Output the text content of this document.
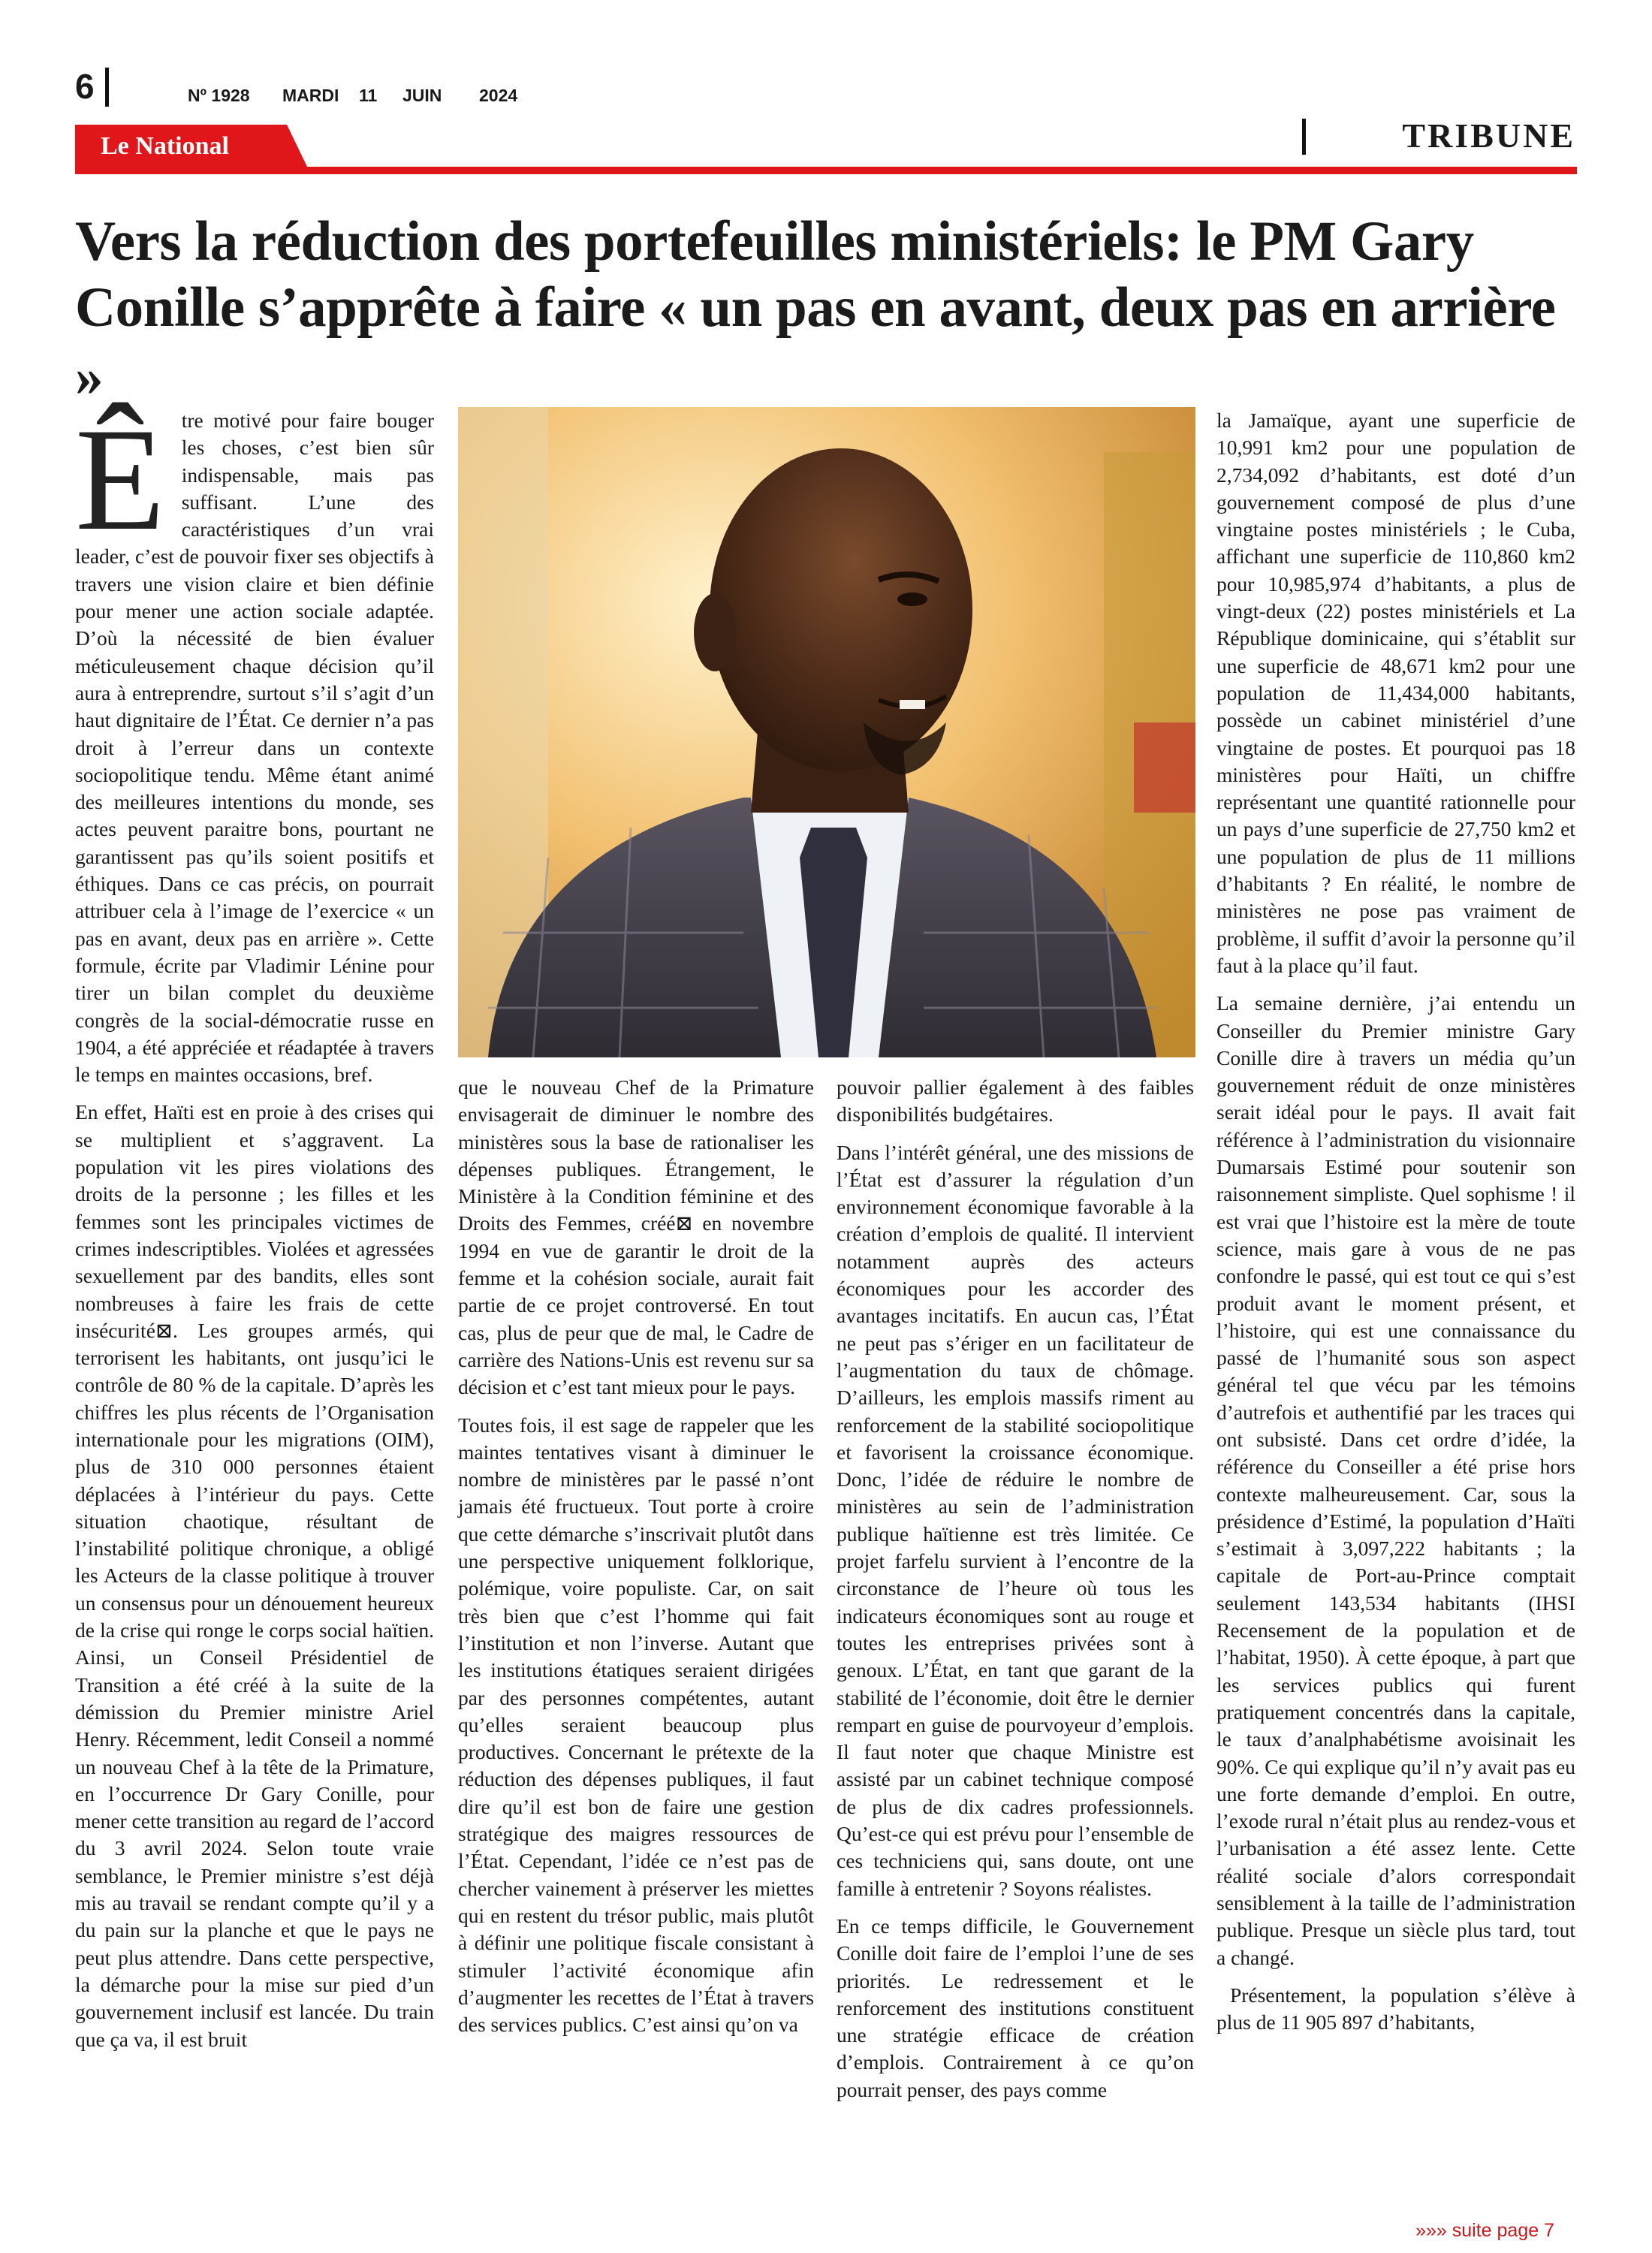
6	Nº 1928 MARDI 11 JUIN 2024
Le National	TRIBUNE
Vers la réduction des portefeuilles ministériels: le PM Gary Conille s’apprête à faire « un pas en avant, deux pas en arrière
»

Être motivé pour faire bouger les choses, c’est bien sûr indispensable, mais pas suffisant. L’une des caractéristiques d’un vrai leader, c’est de pouvoir fixer ses objectifs à travers une vision claire et bien définie pour mener une action sociale adaptée. D’où la nécessité de bien évaluer méticuleusement chaque décision qu’il aura à entreprendre, surtout s’il s’agit d’un haut dignitaire de l’État. Ce dernier n’a pas droit à l’erreur dans un contexte sociopolitique tendu. Même étant animé des meilleures intentions du monde, ses actes peuvent paraitre bons, pourtant ne garantissent pas qu’ils soient positifs et éthiques. Dans ce cas précis, on pourrait attribuer cela à l’image de l’exercice « un pas en avant, deux pas en arrière ». Cette formule, écrite par Vladimir Lénine pour tirer un bilan complet du deuxième congrès de la social-démocratie russe en 1904, a été appréciée et réadaptée à travers le temps en maintes occasions, bref.

En effet, Haïti est en proie à des crises qui se multiplient et s’aggravent. La population vit les pires violations des droits de la personne ; les filles et les femmes sont les principales victimes de crimes indescriptibles. Violées et agressées sexuellement par des bandits, elles sont nombreuses à faire les frais de cette insécurité⊠. Les groupes armés, qui terrorisent les habitants, ont jusqu’ici le contrôle de 80 % de la capitale. D’après les chiffres les plus récents de l’Organisation internationale pour les migrations (OIM), plus de 310 000 personnes étaient déplacées à l’intérieur du pays. Cette situation chaotique, résultant de l’instabilité politique chronique, a obligé les Acteurs de la classe politique à trouver un consensus pour un dénouement heureux de la crise qui ronge le corps social haïtien. Ainsi, un Conseil Présidentiel de Transition a été créé à la suite de la démission du Premier ministre Ariel Henry. Récemment, ledit Conseil a nommé un nouveau Chef à la tête de la Primature, en l’occurrence Dr Gary Conille, pour mener cette transition au regard de l’accord du 3 avril 2024. Selon toute vraie semblance, le Premier ministre s’est déjà mis au travail se rendant compte qu’il y a du pain sur la planche et que le pays ne peut plus attendre. Dans cette perspective, la démarche pour la mise sur pied d’un gouvernement inclusif est lancée. Du train que ça va, il est bruit

que le nouveau Chef de la Primature envisagerait de diminuer le nombre des ministères sous la base de rationaliser les dépenses publiques. Étrangement, le Ministère à la Condition féminine et des Droits des Femmes, créé⊠ en novembre 1994 en vue de garantir le droit de la femme et la cohésion sociale, aurait fait partie de ce projet controversé. En tout cas, plus de peur que de mal, le Cadre de carrière des Nations-Unis est revenu sur sa décision et c’est tant mieux pour le pays.

Toutes fois, il est sage de rappeler que les maintes tentatives visant à diminuer le nombre de ministères par le passé n’ont jamais été fructueux. Tout porte à croire que cette démarche s’inscrivait plutôt dans une perspective uniquement folklorique, polémique, voire populiste. Car, on sait très bien que c’est l’homme qui fait l’institution et non l’inverse. Autant que les institutions étatiques seraient dirigées par des personnes compétentes, autant qu’elles seraient beaucoup plus productives. Concernant le prétexte de la réduction des dépenses publiques, il faut dire qu’il est bon de faire une gestion stratégique des maigres ressources de l’État. Cependant, l’idée ce n’est pas de chercher vainement à préserver les miettes qui en restent du trésor public, mais plutôt à définir une politique fiscale consistant à stimuler l’activité économique afin d’augmenter les recettes de l’État à travers des services publics. C’est ainsi qu’on va

pouvoir pallier également à des faibles disponibilités budgétaires.

Dans l’intérêt général, une des missions de l’État est d’assurer la régulation d’un environnement économique favorable à la création d’emplois de qualité. Il intervient notamment auprès des acteurs économiques pour les accorder des avantages incitatifs. En aucun cas, l’État ne peut pas s’ériger en un facilitateur de l’augmentation du taux de chômage. D’ailleurs, les emplois massifs riment au renforcement de la stabilité sociopolitique et favorisent la croissance économique. Donc, l’idée de réduire le nombre de ministères au sein de l’administration publique haïtienne est très limitée. Ce projet farfelu survient à l’encontre de la circonstance de l’heure où tous les indicateurs économiques sont au rouge et toutes les entreprises privées sont à genoux. L’État, en tant que garant de la stabilité de l’économie, doit être le dernier rempart en guise de pourvoyeur d’emplois. Il faut noter que chaque Ministre est assisté par un cabinet technique composé de plus de dix cadres professionnels. Qu’est-ce qui est prévu pour l’ensemble de ces techniciens qui, sans doute, ont une famille à entretenir ? Soyons réalistes.

En ce temps difficile, le Gouvernement Conille doit faire de l’emploi l’une de ses priorités. Le redressement et le renforcement des institutions constituent une stratégie efficace de création d’emplois. Contrairement à ce qu’on pourrait penser, des pays comme

la Jamaïque, ayant une superficie de 10,991 km2 pour une population de 2,734,092 d’habitants, est doté d’un gouvernement composé de plus d’une vingtaine postes ministériels ; le Cuba, affichant une superficie de 110,860 km2 pour 10,985,974 d’habitants, a plus de vingt-deux (22) postes ministériels et La République dominicaine, qui s’établit sur une superficie de 48,671 km2 pour une population de 11,434,000 habitants, possède un cabinet ministériel d’une vingtaine de postes. Et pourquoi pas 18 ministères pour Haïti, un chiffre représentant une quantité rationnelle pour un pays d’une superficie de 27,750 km2 et une population de plus de 11 millions d’habitants ? En réalité, le nombre de ministères ne pose pas vraiment de problème, il suffit d’avoir la personne qu’il faut à la place qu’il faut.

La semaine dernière, j’ai entendu un Conseiller du Premier ministre Gary Conille dire à travers un média qu’un gouvernement réduit de onze ministères serait idéal pour le pays. Il avait fait référence à l’administration du visionnaire Dumarsais Estimé pour soutenir son raisonnement simpliste. Quel sophisme ! il est vrai que l’histoire est la mère de toute science, mais gare à vous de ne pas confondre le passé, qui est tout ce qui s’est produit avant le moment présent, et l’histoire, qui est une connaissance du passé de l’humanité sous son aspect général tel que vécu par les témoins d’autrefois et authentifié par les traces qui ont subsisté. Dans cet ordre d’idée, la référence du Conseiller a été prise hors contexte malheureusement. Car, sous la présidence d’Estimé, la population d’Haïti s’estimait à 3,097,222 habitants ; la capitale de Port-au-Prince comptait seulement 143,534 habitants (IHSI Recensement de la population et de l’habitat, 1950). À cette époque, à part que les services publics qui furent pratiquement concentrés dans la capitale, le taux d’analphabétisme avoisinait les 90%. Ce qui explique qu’il n’y avait pas eu une forte demande d’emploi. En outre, l’exode rural n’était plus au rendez-vous et l’urbanisation a été assez lente. Cette réalité sociale d’alors correspondait sensiblement à la taille de l’administration publique. Presque un siècle plus tard, tout a changé.

Présentement, la population s’élève à plus de 11 905 897 d’habitants,

»»» suite page 7
